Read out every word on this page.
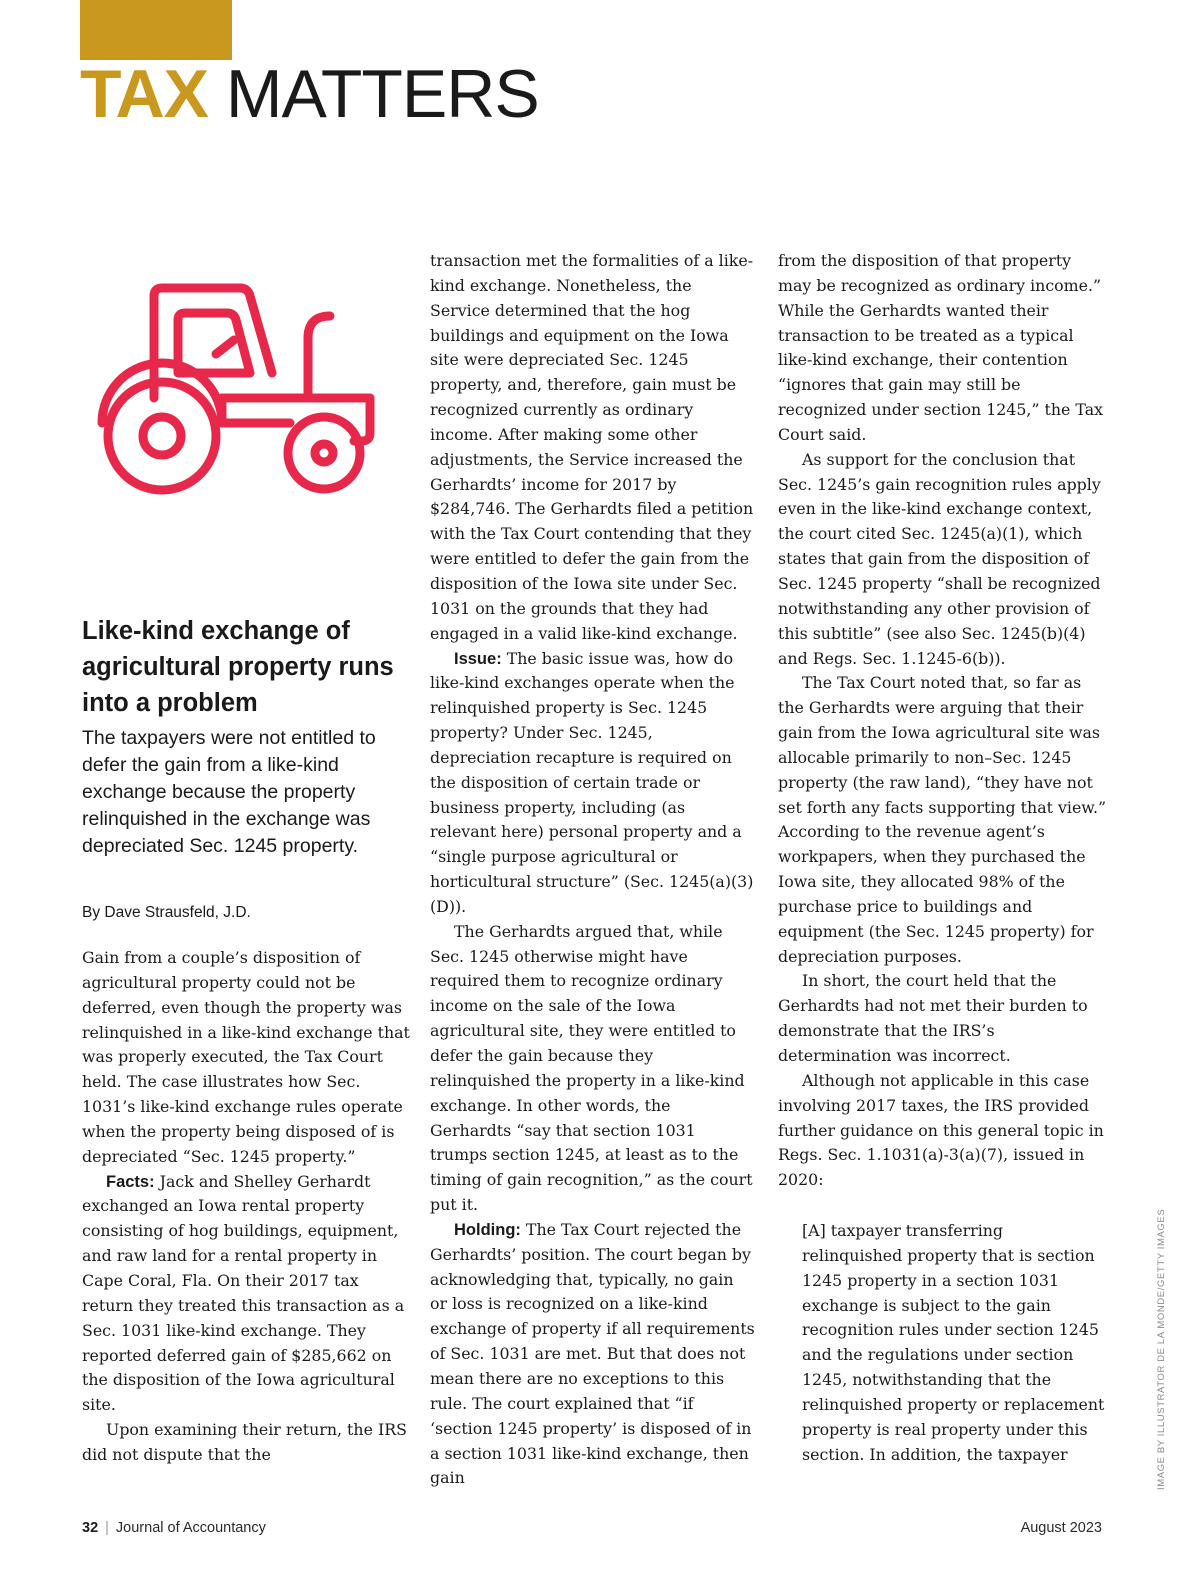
TAX MATTERS
Like-kind exchange of agricultural property runs into a problem

The taxpayers were not entitled to defer the gain from a like-kind exchange because the property relinquished in the exchange was depreciated Sec. 1245 property.

By Dave Strausfeld, J.D.

Gain from a couple’s disposition of agricultural property could not be deferred, even though the property was relinquished in a like-kind exchange that was properly executed, the Tax Court held. The case illustrates how Sec. 1031’s like-kind exchange rules operate when the property being disposed of is depreciated “Sec. 1245 property.”

Facts: Jack and Shelley Gerhardt exchanged an Iowa rental property consisting of hog buildings, equipment, and raw land for a rental property in Cape Coral, Fla. On their 2017 tax return they treated this transaction as a Sec. 1031 like-kind exchange. They reported deferred gain of $285,662 on the disposition of the Iowa agricultural site.

Upon examining their return, the IRS did not dispute that the

transaction met the formalities of a like-kind exchange. Nonetheless, the Service determined that the hog buildings and equipment on the Iowa site were depreciated Sec. 1245 property, and, therefore, gain must be recognized currently as ordinary income. After making some other adjustments, the Service increased the Gerhardts’ income for 2017 by $284,746. The Gerhardts filed a petition with the Tax Court contending that they were entitled to defer the gain from the disposition of the Iowa site under Sec. 1031 on the grounds that they had engaged in a valid like-kind exchange.

Issue: The basic issue was, how do like-kind exchanges operate when the relinquished property is Sec. 1245 property? Under Sec. 1245, depreciation recapture is required on the disposition of certain trade or business property, including (as relevant here) personal property and a “single purpose agricultural or horticultural structure” (Sec. 1245(a)(3)(D)).

The Gerhardts argued that, while Sec. 1245 otherwise might have required them to recognize ordinary income on the sale of the Iowa agricultural site, they were entitled to defer the gain because they relinquished the property in a like-kind exchange. In other words, the Gerhardts “say that section 1031 trumps section 1245, at least as to the timing of gain recognition,” as the court put it.

Holding: The Tax Court rejected the Gerhardts’ position. The court began by acknowledging that, typically, no gain or loss is recognized on a like-kind exchange of property if all requirements of Sec. 1031 are met. But that does not mean there are no exceptions to this rule. The court explained that “if ‘section 1245 property’ is disposed of in a section 1031 like-kind exchange, then gain

from the disposition of that property may be recognized as ordinary income.” While the Gerhardts wanted their transaction to be treated as a typical like-kind exchange, their contention “ignores that gain may still be recognized under section 1245,” the Tax Court said.

As support for the conclusion that Sec. 1245’s gain recognition rules apply even in the like-kind exchange context, the court cited Sec. 1245(a)(1), which states that gain from the disposition of Sec. 1245 property “shall be recognized notwithstanding any other provision of this subtitle” (see also Sec. 1245(b)(4) and Regs. Sec. 1.1245-6(b)).

The Tax Court noted that, so far as the Gerhardts were arguing that their gain from the Iowa agricultural site was allocable primarily to non–Sec. 1245 property (the raw land), “they have not set forth any facts supporting that view.” According to the revenue agent’s workpapers, when they purchased the Iowa site, they allocated 98% of the purchase price to buildings and equipment (the Sec. 1245 property) for depreciation purposes.

In short, the court held that the Gerhardts had not met their burden to demonstrate that the IRS’s determination was incorrect.

Although not applicable in this case involving 2017 taxes, the IRS provided further guidance on this general topic in Regs. Sec. 1.1031(a)-3(a)(7), issued in 2020:

[A] taxpayer transferring relinquished property that is section 1245 property in a section 1031 exchange is subject to the gain recognition rules under section 1245 and the regulations under section 1245, notwithstanding that the relinquished property or replacement property is real property under this section. In addition, the taxpayer	IMAGE BY ILLUSTRATOR DE LA MONDE/GETTY IMAGES
32 | Journal of Accountancy	August 2023
